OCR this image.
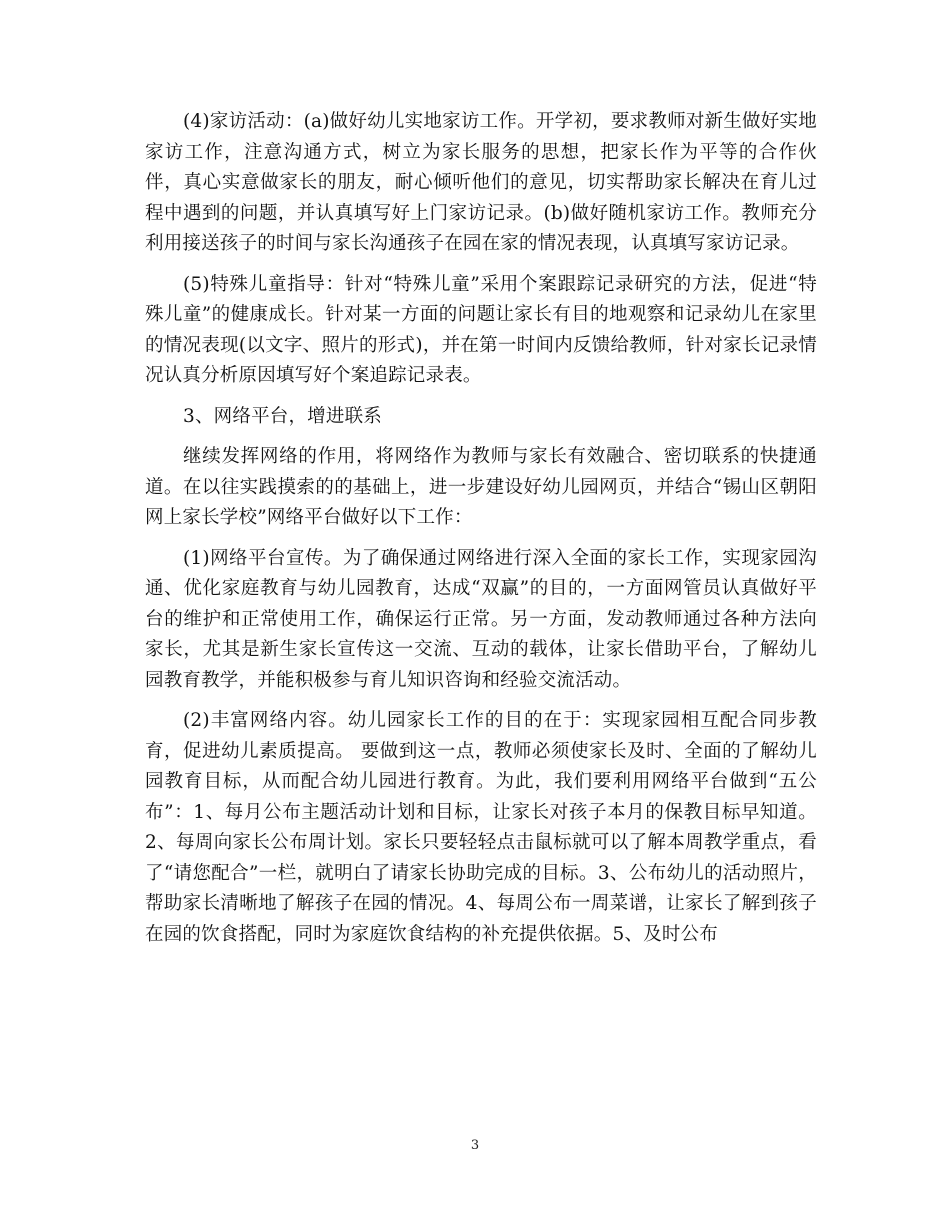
(4)家访活动：(a)做好幼儿实地家访工作。开学初，要求教师对新生做好实地家访工作，注意沟通方式，树立为家长服务的思想，把家长作为平等的合作伙伴，真心实意做家长的朋友，耐心倾听他们的意见，切实帮助家长解决在育儿过程中遇到的问题，并认真填写好上门家访记录。(b)做好随机家访工作。教师充分利用接送孩子的时间与家长沟通孩子在园在家的情况表现，认真填写家访记录。

(5)特殊儿童指导：针对“特殊儿童”采用个案跟踪记录研究的方法，促进“特殊儿童”的健康成长。针对某一方面的问题让家长有目的地观察和记录幼儿在家里的情况表现(以文字、照片的形式)，并在第一时间内反馈给教师，针对家长记录情况认真分析原因填写好个案追踪记录表。

3、网络平台，增进联系

继续发挥网络的作用，将网络作为教师与家长有效融合、密切联系的快捷通道。在以往实践摸索的的基础上，进一步建设好幼儿园网页，并结合“锡山区朝阳网上家长学校”网络平台做好以下工作：

(1)网络平台宣传。为了确保通过网络进行深入全面的家长工作，实现家园沟通、优化家庭教育与幼儿园教育，达成“双赢”的目的，一方面网管员认真做好平台的维护和正常使用工作，确保运行正常。另一方面，发动教师通过各种方法向家长，尤其是新生家长宣传这一交流、互动的载体，让家长借助平台，了解幼儿园教育教学，并能积极参与育儿知识咨询和经验交流活动。

(2)丰富网络内容。幼儿园家长工作的目的在于：实现家园相互配合同步教育，促进幼儿素质提高。 要做到这一点，教师必须使家长及时、全面的了解幼儿园教育目标，从而配合幼儿园进行教育。为此，我们要利用网络平台做到“五公布”：1、每月公布主题活动计划和目标，让家长对孩子本月的保教目标早知道。2、每周向家长公布周计划。家长只要轻轻点击鼠标就可以了解本周教学重点，看了“请您配合”一栏，就明白了请家长协助完成的目标。3、公布幼儿的活动照片，帮助家长清晰地了解孩子在园的情况。4、每周公布一周菜谱，让家长了解到孩子在园的饮食搭配，同时为家庭饮食结构的补充提供依据。5、及时公布

3
